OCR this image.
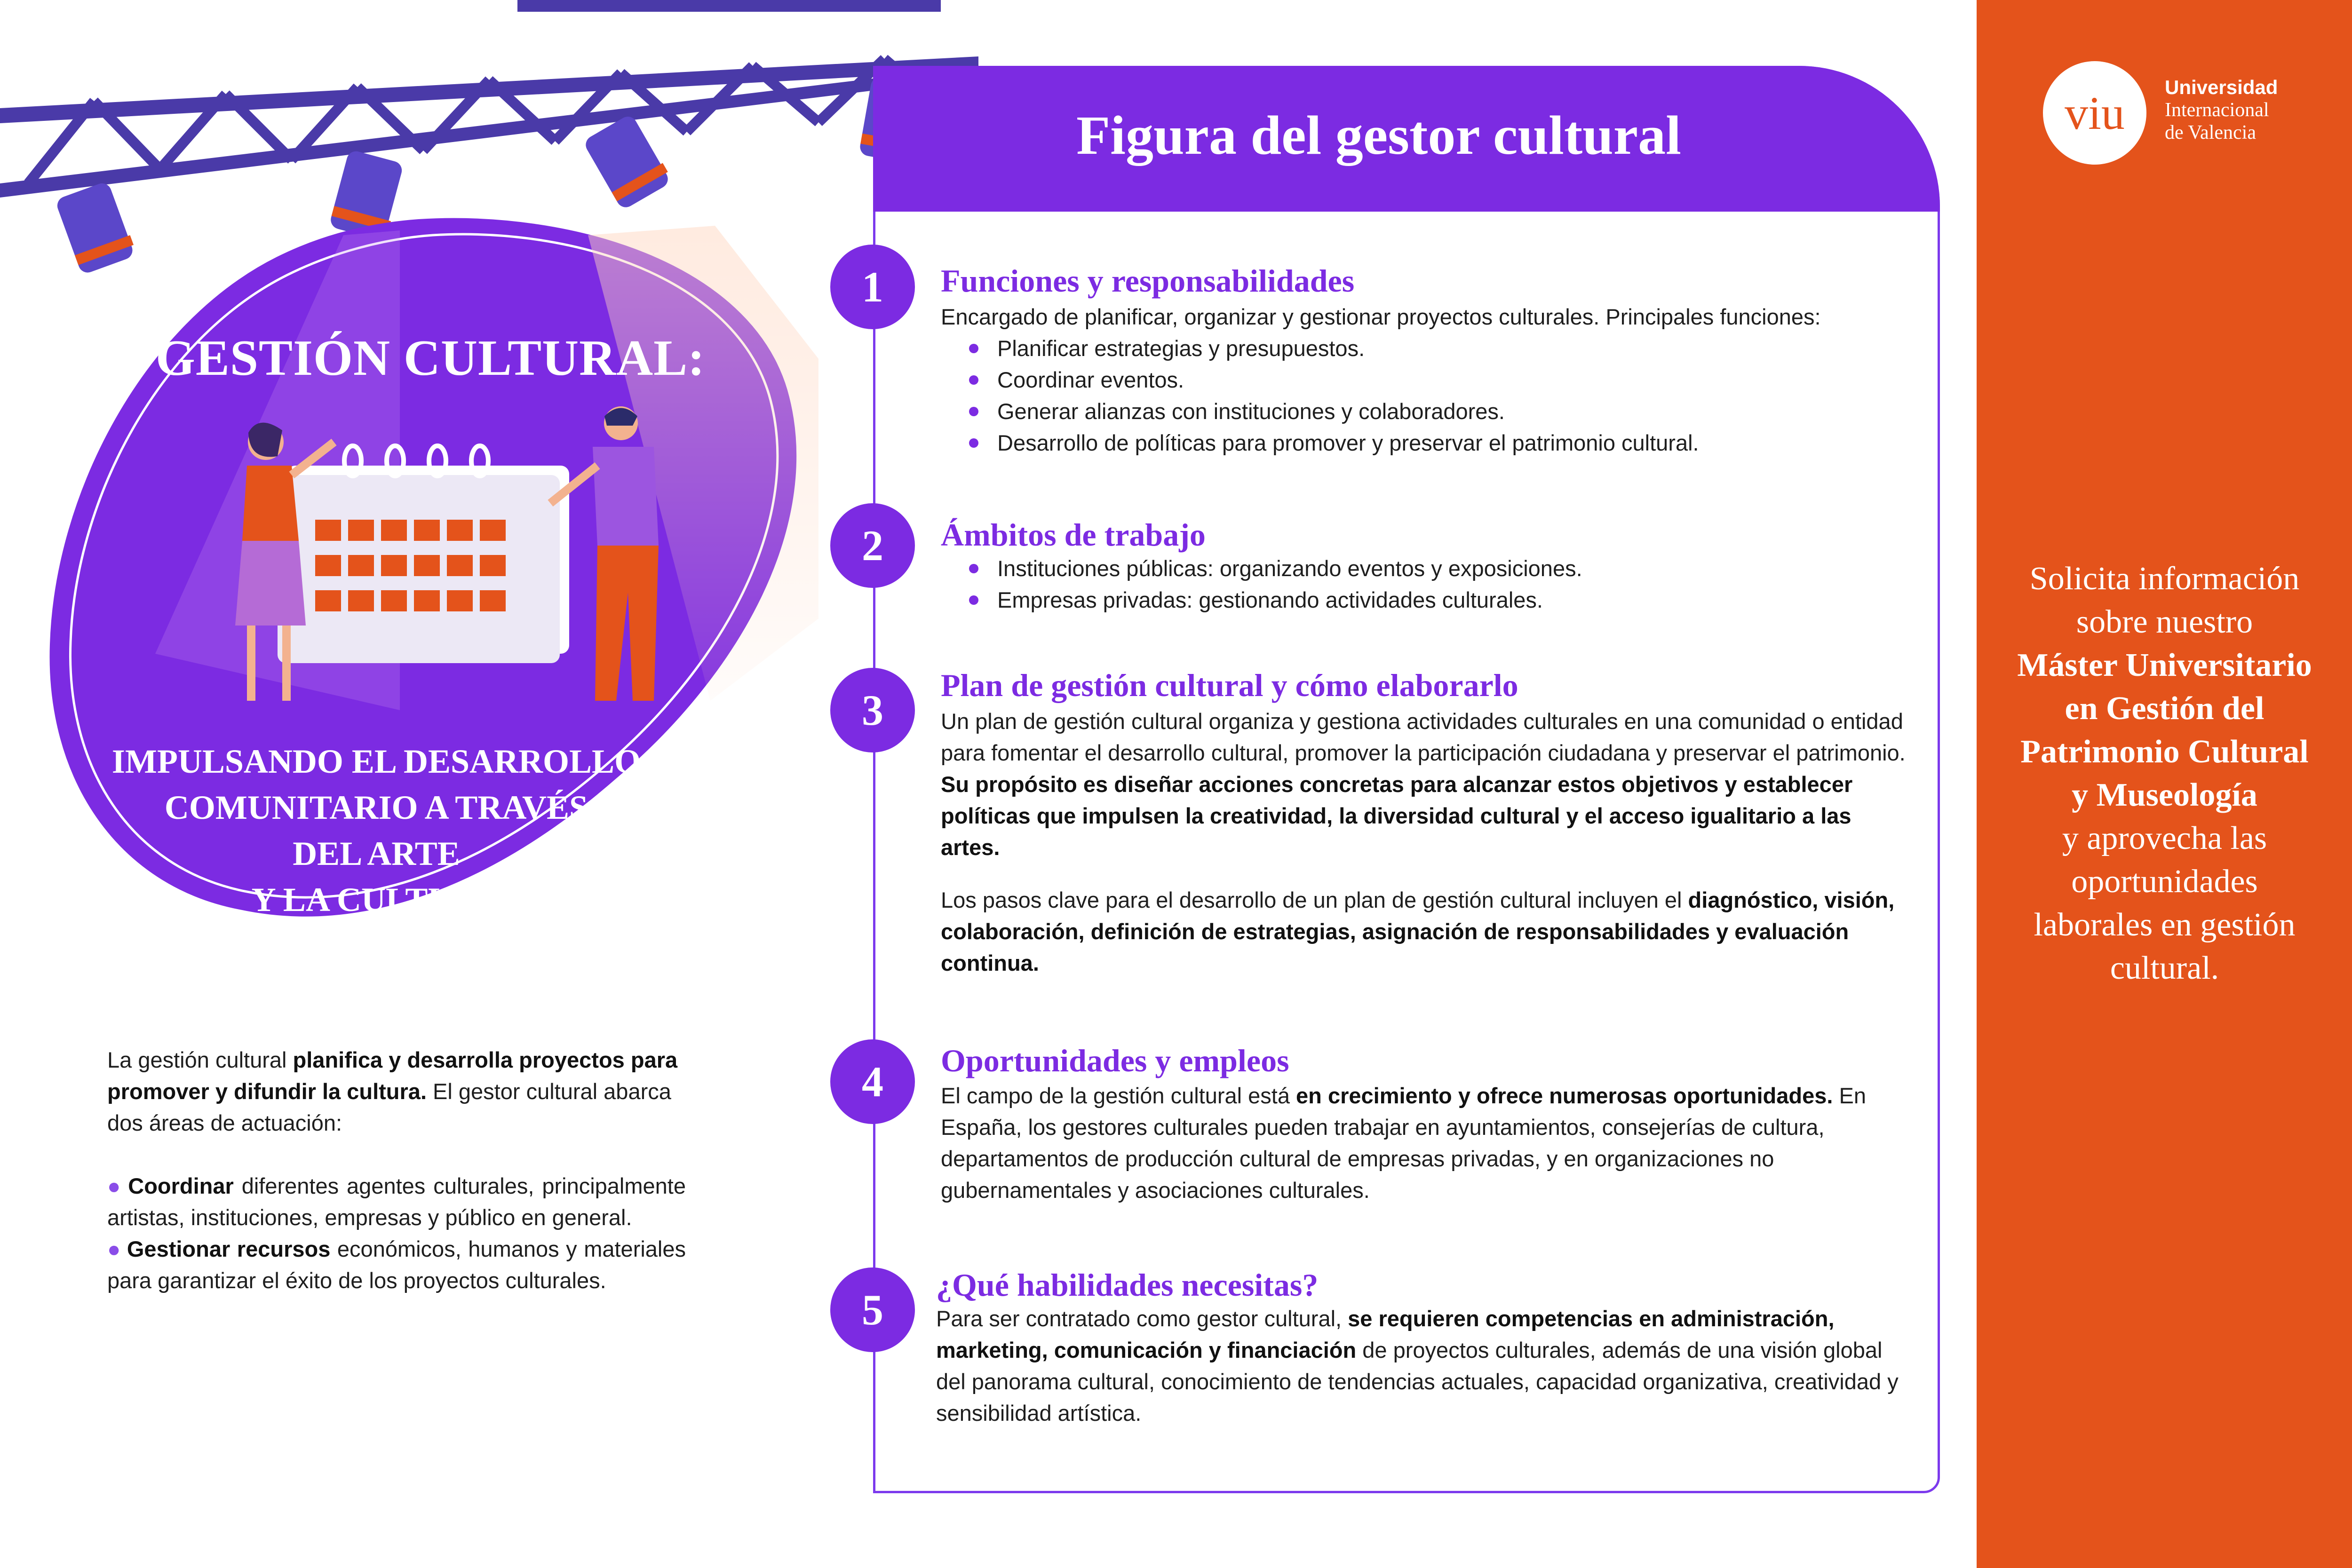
GESTIÓN CULTURAL:
IMPULSANDO EL DESARROLLO
COMUNITARIO A TRAVÉS
DEL ARTE
Y LA CULTURA

La gestión cultural planifica y desarrolla proyectos para promover y difundir la cultura. El gestor cultural abarca dos áreas de actuación:

● Coordinar diferentes agentes culturales, principalmente artistas, instituciones, empresas y público en general.
● Gestionar recursos económicos, humanos y materiales para garantizar el éxito de los proyectos culturales.
Figura del gestor cultural
1	Funciones y responsabilidades

Encargado de planificar, organizar y gestionar proyectos culturales. Principales funciones:

Planificar estrategias y presupuestos.
Coordinar eventos.
Generar alianzas con instituciones y colaboradores.
Desarrollo de políticas para promover y preservar el patrimonio cultural.
2	Ámbitos de trabajo
Instituciones públicas: organizando eventos y exposiciones.
Empresas privadas: gestionando actividades culturales.
3
Plan de gestión cultural y cómo elaborarlo

Un plan de gestión cultural organiza y gestiona actividades culturales en una comunidad o entidad para fomentar el desarrollo cultural, promover la participación ciudadana y preservar el patrimonio. Su propósito es diseñar acciones concretas para alcanzar estos objetivos y establecer políticas que impulsen la creatividad, la diversidad cultural y el acceso igualitario a las artes.

Los pasos clave para el desarrollo de un plan de gestión cultural incluyen el diagnóstico, visión, colaboración, definición de estrategias, asignación de responsabilidades y evaluación continua.

4	Oportunidades y empleos

El campo de la gestión cultural está en crecimiento y ofrece numerosas oportunidades. En España, los gestores culturales pueden trabajar en ayuntamientos, consejerías de cultura, departamentos de producción cultural de empresas privadas, y en organizaciones no gubernamentales y asociaciones culturales.

5
¿Qué habilidades necesitas?

Para ser contratado como gestor cultural, se requieren competencias en administración, marketing, comunicación y financiación de proyectos culturales, además de una visión global del panorama cultural, conocimiento de tendencias actuales, capacidad organizativa, creatividad y sensibilidad artística.

viu	Universidad
Internacional
de Valencia
Solicita información
sobre nuestro
Máster Universitario
en Gestión del
Patrimonio Cultural
y Museología
y aprovecha las
oportunidades
laborales en gestión
cultural.
